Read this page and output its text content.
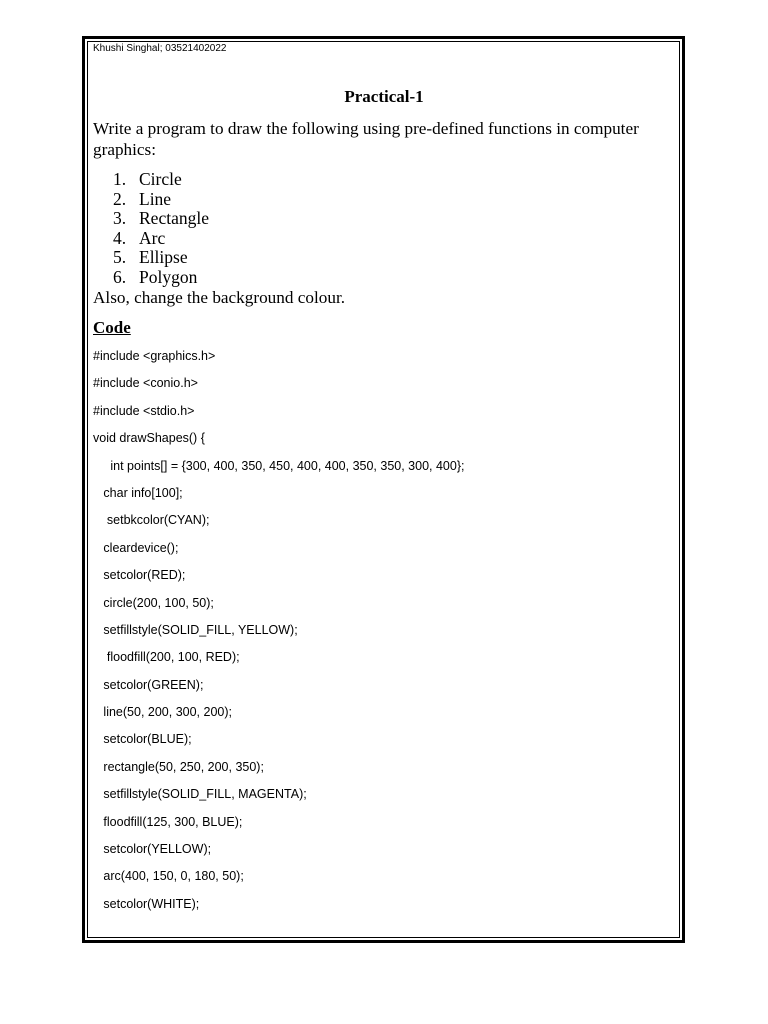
Khushi Singhal; 03521402022
Practical-1
Write a program to draw the following using pre-defined functions in computer graphics:
1. Circle
2. Line
3. Rectangle
4. Arc
5. Ellipse
6. Polygon
Also, change the background colour.
Code
#include <graphics.h>
#include <conio.h>
#include <stdio.h>
void drawShapes() {
int points[] = {300, 400, 350, 450, 400, 400, 350, 350, 300, 400};
char info[100];
setbkcolor(CYAN);
cleardevice();
setcolor(RED);
circle(200, 100, 50);
setfillstyle(SOLID_FILL, YELLOW);
floodfill(200, 100, RED);
setcolor(GREEN);
line(50, 200, 300, 200);
setcolor(BLUE);
rectangle(50, 250, 200, 350);
setfillstyle(SOLID_FILL, MAGENTA);
floodfill(125, 300, BLUE);
setcolor(YELLOW);
arc(400, 150, 0, 180, 50);
setcolor(WHITE);
